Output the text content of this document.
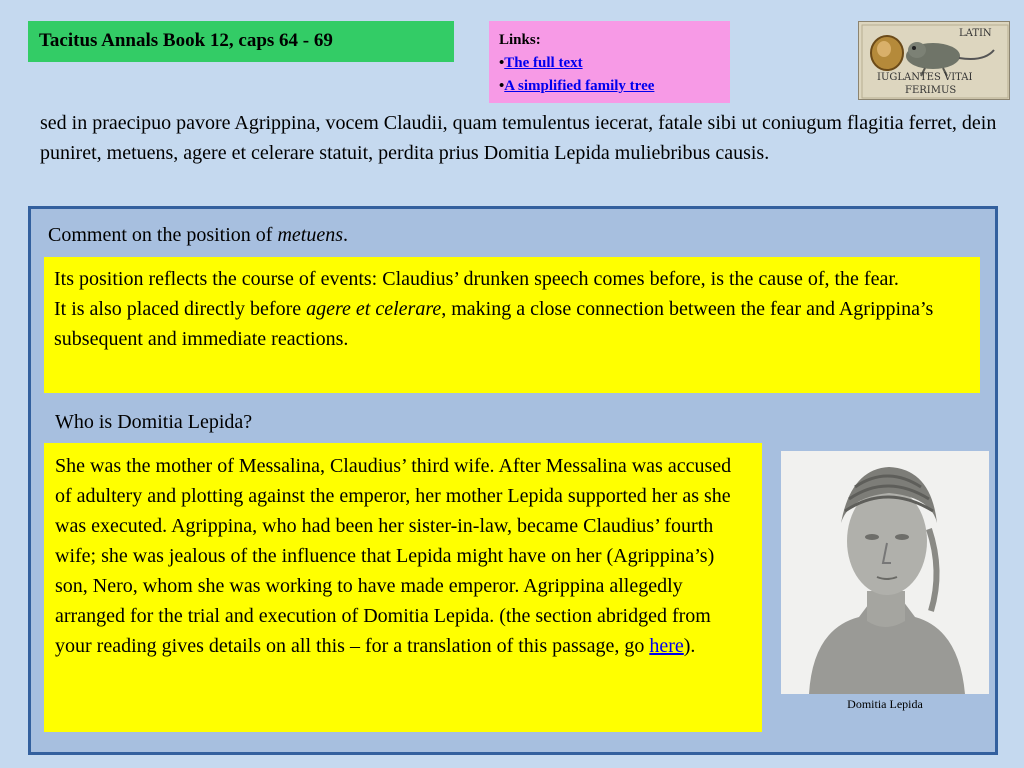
Tacitus Annals Book 12, caps 64 - 69	Links:
•The full text
•A simplified family tree
LATIN
IUGLANTES VITAI
FERIMUS
sed in praecipuo pavore Agrippina, vocem Claudii, quam temulentus iecerat, fatale sibi ut coniugum flagitia ferret, dein puniret, metuens, agere et celerare statuit, perdita prius Domitia Lepida muliebribus causis.
Comment on the position of metuens.
Its position reflects the course of events: Claudius’ drunken speech comes before, is the cause of, the fear.
It is also placed directly before agere et celerare, making a close connection between the fear and Agrippina’s subsequent and immediate reactions.
Who is Domitia Lepida?
She was the mother of Messalina, Claudius’ third wife. After Messalina was accused of adultery and plotting against the emperor, her mother Lepida supported her as she was executed. Agrippina, who had been her sister-in-law, became Claudius’ fourth wife; she was jealous of the influence that Lepida might have on her (Agrippina’s) son, Nero, whom she was working to have made emperor. Agrippina allegedly arranged for the trial and execution of Domitia Lepida. (the section abridged from your reading gives details on all this – for a translation of this passage, go here).
Domitia Lepida
